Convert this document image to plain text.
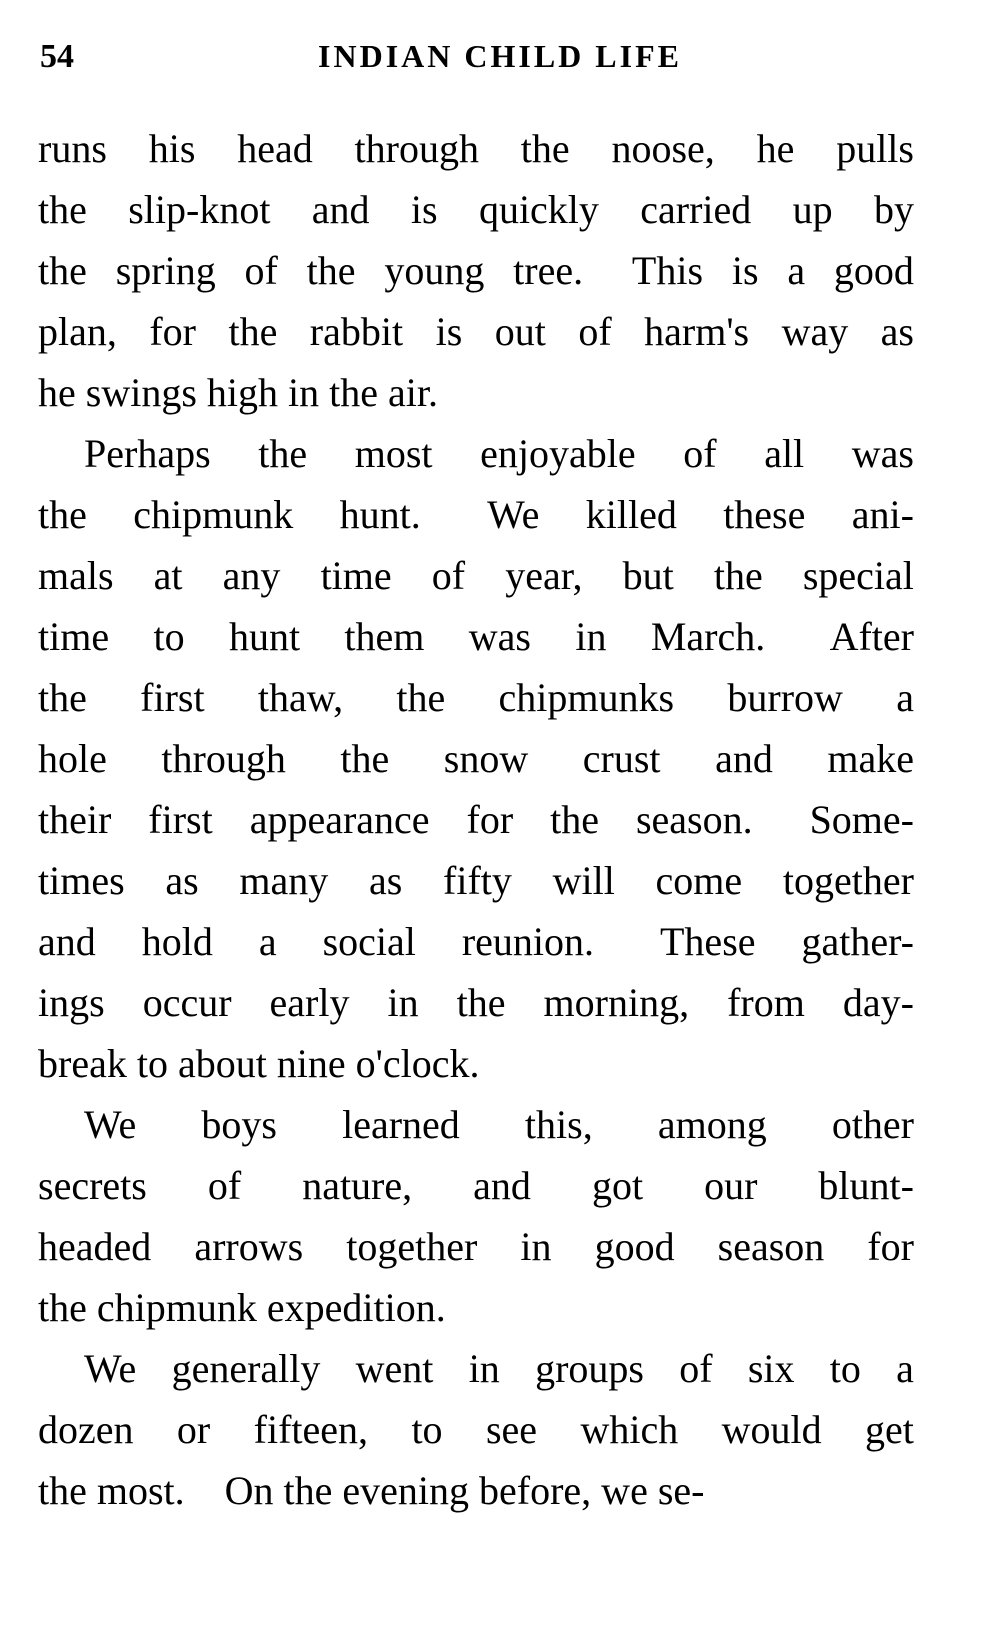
54	INDIAN CHILD LIFE

runs his head through the noose, he pulls
the slip-knot and is quickly carried up by
the spring of the young tree.  This is a good
plan, for the rabbit is out of harm's way as
he swings high in the air.

Perhaps the most enjoyable of all was
the chipmunk hunt.  We killed these ani-
mals at any time of year, but the special
time to hunt them was in March.  After
the first thaw, the chipmunks burrow a
hole through the snow crust and make
their first appearance for the season.  Some-
times as many as fifty will come together
and hold a social reunion.  These gather-
ings occur early in the morning, from day-
break to about nine o'clock.

We boys learned this, among other
secrets of nature, and got our blunt-
headed arrows together in good season for
the chipmunk expedition.

We generally went in groups of six to a
dozen or fifteen, to see which would get
the most.  On the evening before, we se-
